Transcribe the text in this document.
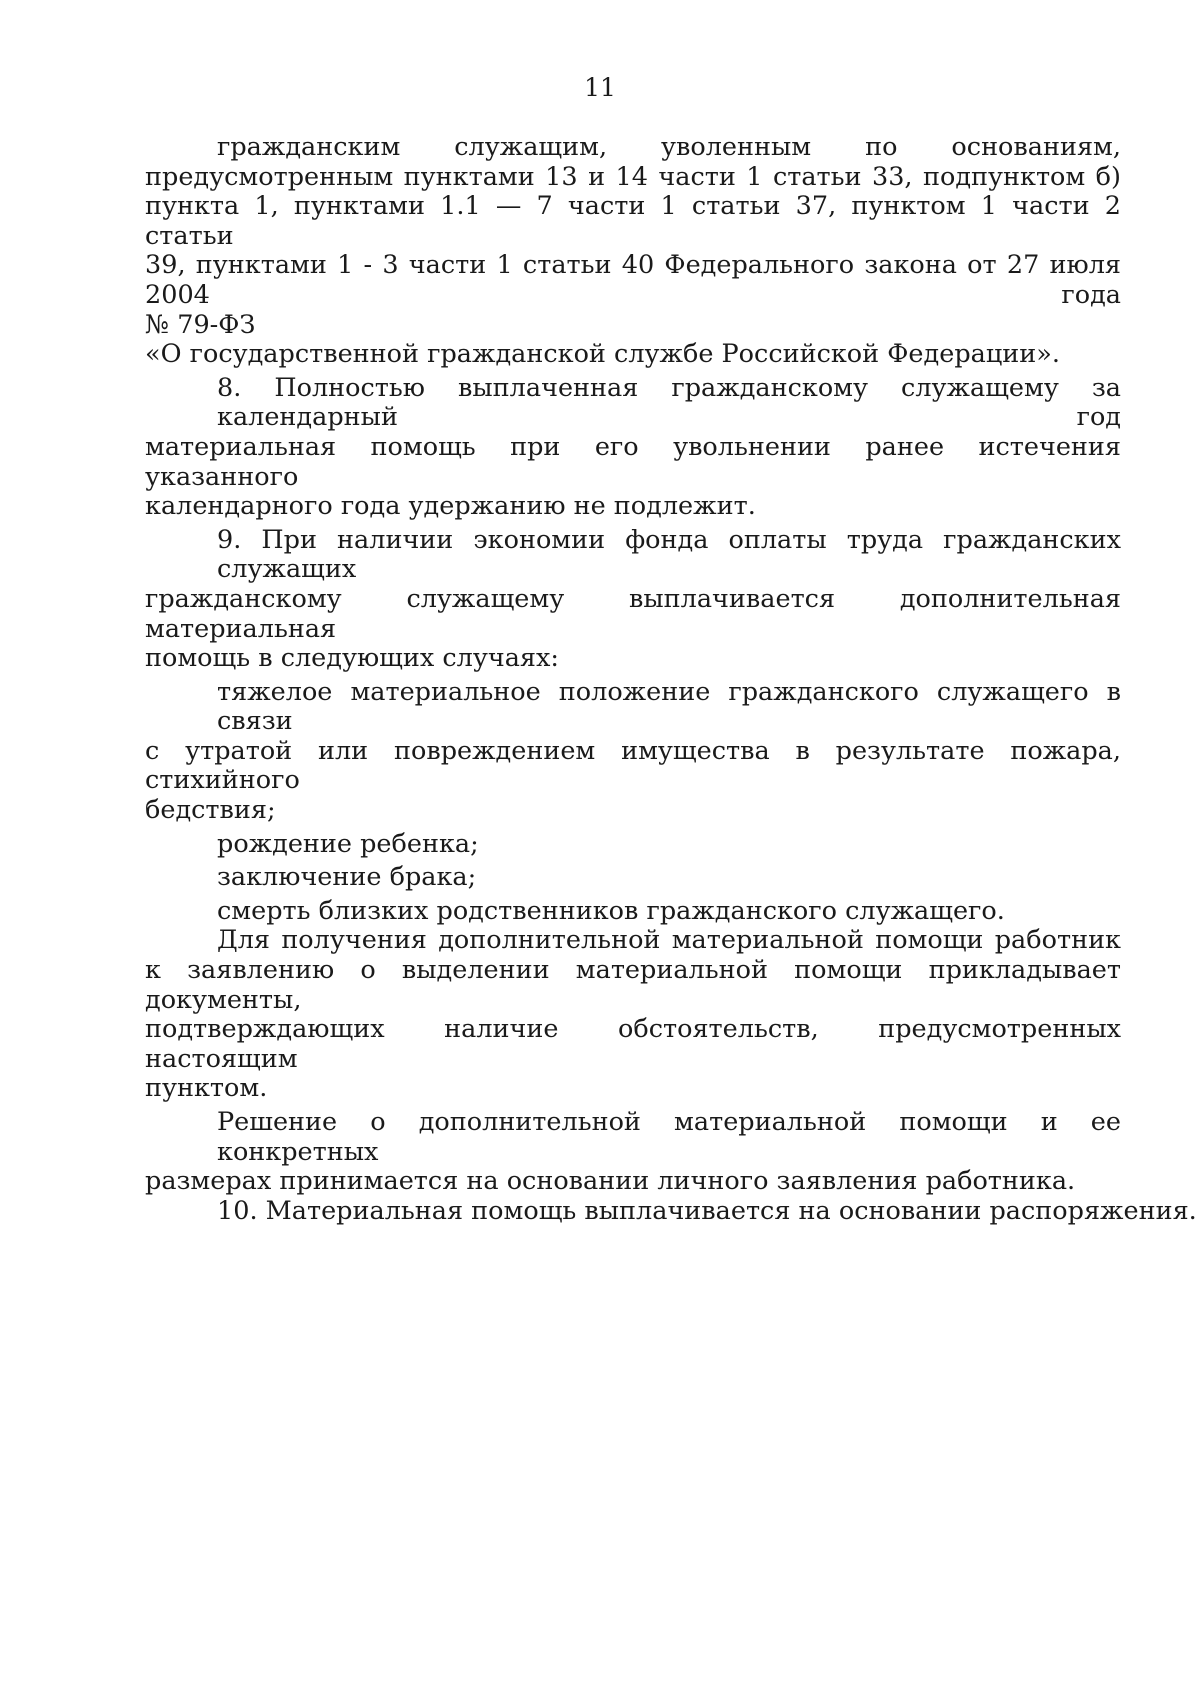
11
гражданским служащим, уволенным по основаниям,
предусмотренным пунктами 13 и 14 части 1 статьи 33, подпунктом б)
пункта 1, пунктами 1.1 — 7 части 1 статьи 37, пунктом 1 части 2 статьи
39, пунктами 1 - 3 части 1 статьи 40 Федерального закона от 27 июля 2004 года
№ 79-ФЗ
«О государственной гражданской службе Российской Федерации».
8. Полностью выплаченная гражданскому служащему за календарный год
материальная помощь при его увольнении ранее истечения указанного
календарного года удержанию не подлежит.
9. При наличии экономии фонда оплаты труда гражданских служащих
гражданскому служащему выплачивается дополнительная материальная
помощь в следующих случаях:
тяжелое материальное положение гражданского служащего в связи
с утратой или повреждением имущества в результате пожара, стихийного
бедствия;
рождение ребенка;
заключение брака;
смерть близких родственников гражданского служащего.
Для получения дополнительной материальной помощи работник
к заявлению о выделении материальной помощи прикладывает документы,
подтверждающих наличие обстоятельств, предусмотренных настоящим
пунктом.
Решение о дополнительной материальной помощи и ее конкретных
размерах принимается на основании личного заявления работника.
10. Материальная помощь выплачивается на основании распоряжения.
